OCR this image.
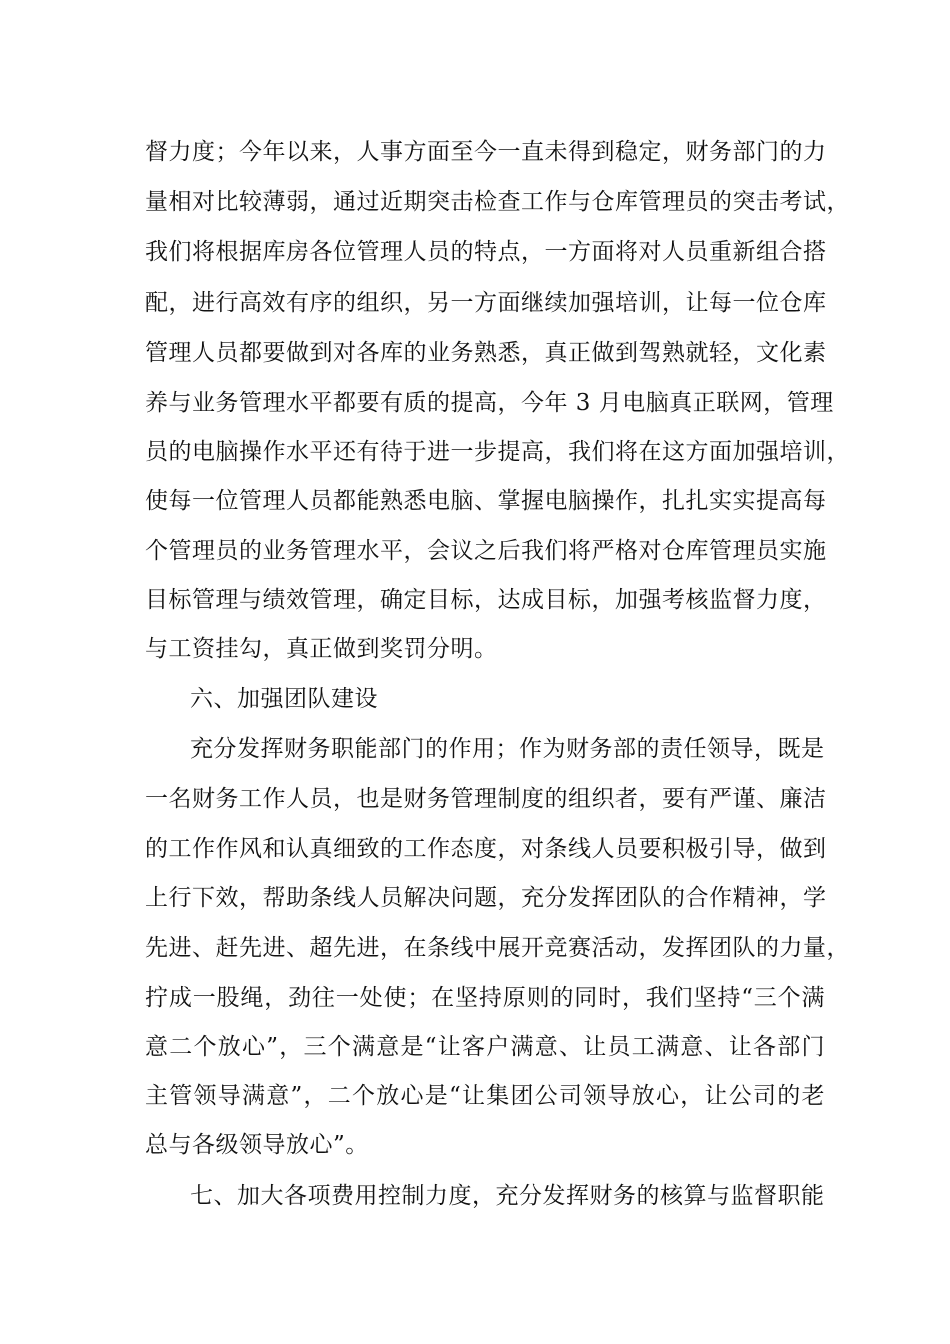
督力度；今年以来，人事方面至今一直未得到稳定，财务部门的力
量相对比较薄弱，通过近期突击检查工作与仓库管理员的突击考试，
我们将根据库房各位管理人员的特点，一方面将对人员重新组合搭
配，进行高效有序的组织，另一方面继续加强培训，让每一位仓库
管理人员都要做到对各库的业务熟悉，真正做到驾熟就轻，文化素
养与业务管理水平都要有质的提高，今年 3 月电脑真正联网，管理
员的电脑操作水平还有待于进一步提高，我们将在这方面加强培训，
使每一位管理人员都能熟悉电脑、掌握电脑操作，扎扎实实提高每
个管理员的业务管理水平，会议之后我们将严格对仓库管理员实施
目标管理与绩效管理，确定目标，达成目标，加强考核监督力度，
与工资挂勾，真正做到奖罚分明。
六、加强团队建设
充分发挥财务职能部门的作用；作为财务部的责任领导，既是
一名财务工作人员，也是财务管理制度的组织者，要有严谨、廉洁
的工作作风和认真细致的工作态度，对条线人员要积极引导，做到
上行下效，帮助条线人员解决问题，充分发挥团队的合作精神，学
先进、赶先进、超先进，在条线中展开竞赛活动，发挥团队的力量，
拧成一股绳，劲往一处使；在坚持原则的同时，我们坚持“三个满
意二个放心”，三个满意是“让客户满意、让员工满意、让各部门
主管领导满意”，二个放心是“让集团公司领导放心，让公司的老
总与各级领导放心”。
七、加大各项费用控制力度，充分发挥财务的核算与监督职能
